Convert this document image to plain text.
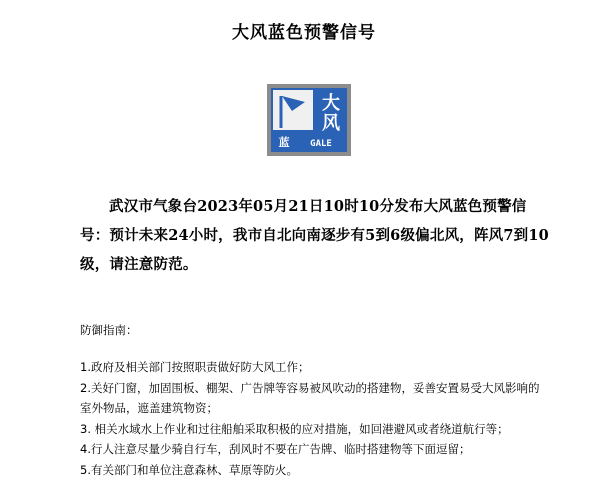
大风蓝色预警信号
大
风
蓝 GALE
武汉市气象台2023年05月21日10时10分发布大风蓝色预警信号：预计未来24小时，我市自北向南逐步有5到6级偏北风，阵风7到10级，请注意防范。
防御指南：
1.政府及相关部门按照职责做好防大风工作；
2.关好门窗，加固围板、棚架、广告牌等容易被风吹动的搭建物，妥善安置易受大风影响的室外物品，遮盖建筑物资；
3. 相关水域水上作业和过往船舶采取积极的应对措施，如回港避风或者绕道航行等；
4.行人注意尽量少骑自行车，刮风时不要在广告牌、临时搭建物等下面逗留；
5.有关部门和单位注意森林、草原等防火。
